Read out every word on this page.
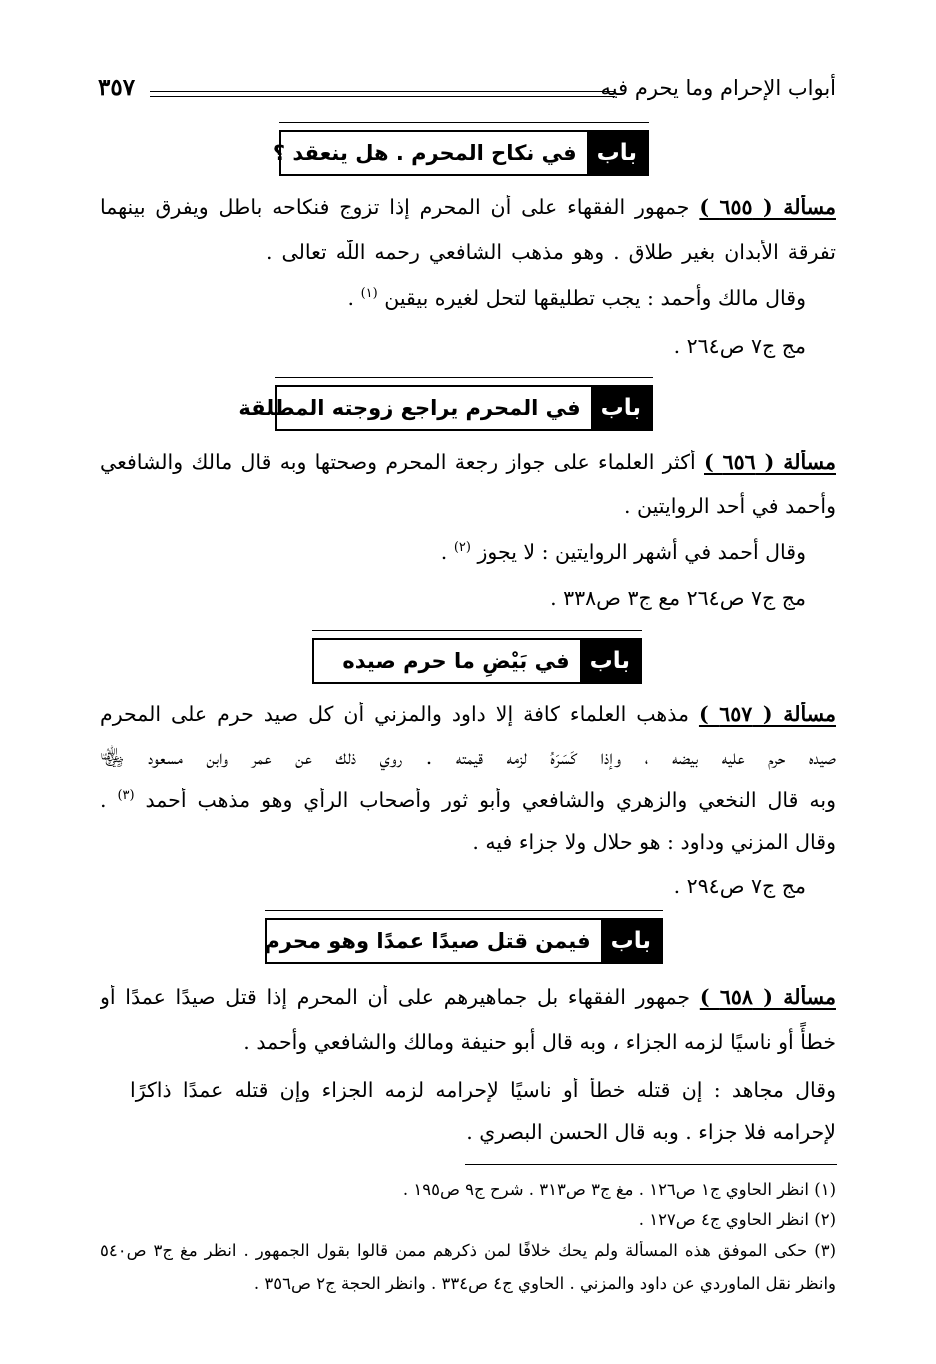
أبواب الإحرام وما يحرم فيه
٣٥٧
باب
في نكاح المحرم . هل ينعقد ؟
مسألة ( ٦٥٥ ) جمهور الفقهاء على أن المحرم إذا تزوج فنكاحه باطل ويفرق بينهما
تفرقة الأبدان بغير طلاق . وهو مذهب الشافعي رحمه اللّٰه تعالى .
وقال مالك وأحمد : يجب تطليقها لتحل لغيره بيقين $^{(١)}$ .
مج ج٧ ص٢٦٤ .
باب
في المحرم يراجع زوجته المطلقة
مسألة ( ٦٥٦ ) أكثر العلماء على جواز رجعة المحرم وصحتها وبه قال مالك والشافعي
وأحمد في أحد الروايتين .
وقال أحمد في أشهر الروايتين : لا يجوز $^{(٢)}$ .
مج ج٧ ص٢٦٤ مع ج٣ ص٣٣٨ .
باب
في بَيْضِ ما حرم صيده
مسألة ( ٦٥٧ ) مذهب العلماء كافة إلا داود والمزني أن كل صيد حرم على المحرم
صيده حرم عليه بيضه ، وإذا كَسَرَهُ لزمه قيمته . روي ذلك عن عمر وابن مسعود ﵄
وبه قال النخعي والزهري والشافعي وأبو ثور وأصحاب الرأي وهو مذهب أحمد $^{(٣)}$ .
وقال المزني وداود : هو حلال ولا جزاء فيه .
مج ج٧ ص٢٩٤ .
باب
فيمن قتل صيدًا عمدًا وهو محرم
مسألة ( ٦٥٨ ) جمهور الفقهاء بل جماهيرهم على أن المحرم إذا قتل صيدًا عمدًا أو
خطأً أو ناسيًا لزمه الجزاء ، وبه قال أبو حنيفة ومالك والشافعي وأحمد .
وقال مجاهد : إن قتله خطأً أو ناسيًا لإحرامه لزمه الجزاء وإن قتله عمدًا ذاكرًا
لإحرامه فلا جزاء . وبه قال الحسن البصري .
(١) انظر الحاوي ج١ ص١٢٦ . مغ ج٣ ص٣١٣ . شرح ج٩ ص١٩٥ .
(٢) انظر الحاوي ج٤ ص١٢٧ .
(٣) حكى الموفق هذه المسألة ولم يحك خلافًا لمن ذكرهم ممن قالوا بقول الجمهور . انظر مغ ج٣ ص٥٤٠
وانظر نقل الماوردي عن داود والمزني . الحاوي ج٤ ص٣٣٤ . وانظر الحجة ج٢ ص٣٥٦ .
